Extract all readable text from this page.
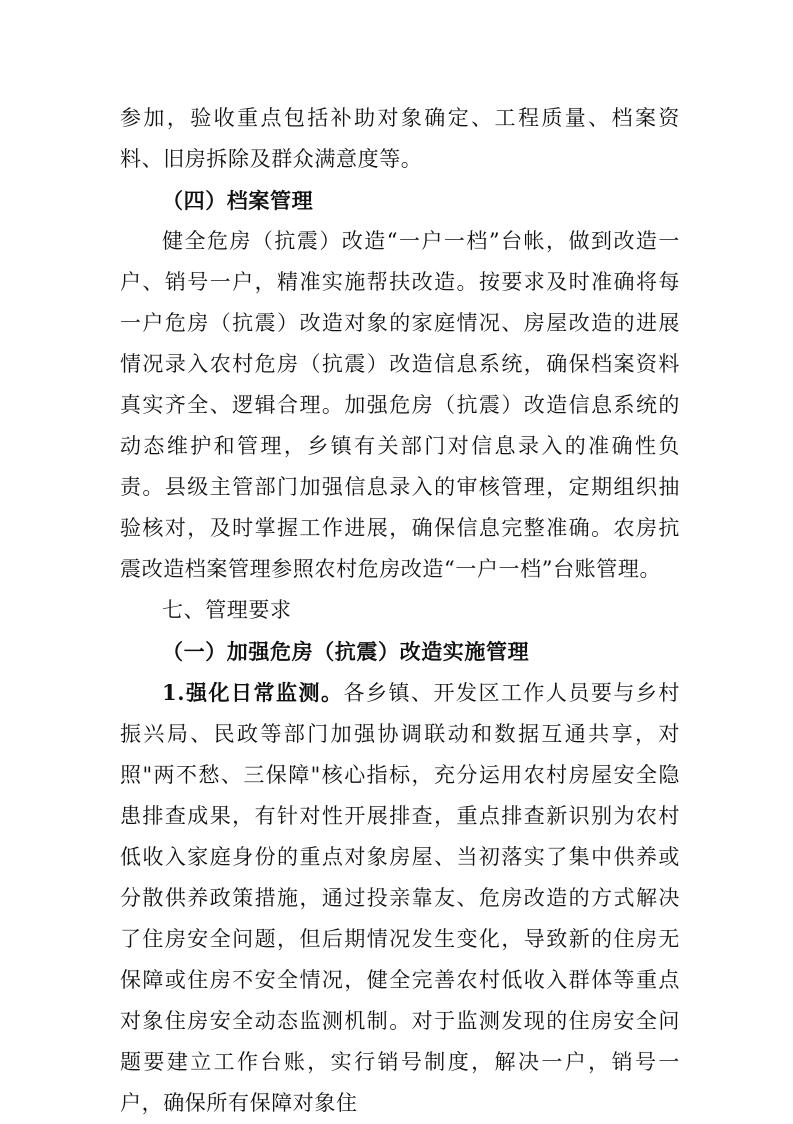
参加，验收重点包括补助对象确定、工程质量、档案资料、旧房拆除及群众满意度等。

（四）档案管理

健全危房（抗震）改造“一户一档”台帐，做到改造一户、销号一户，精准实施帮扶改造。按要求及时准确将每一户危房（抗震）改造对象的家庭情况、房屋改造的进展情况录入农村危房（抗震）改造信息系统，确保档案资料真实齐全、逻辑合理。加强危房（抗震）改造信息系统的动态维护和管理，乡镇有关部门对信息录入的准确性负责。县级主管部门加强信息录入的审核管理，定期组织抽验核对，及时掌握工作进展，确保信息完整准确。农房抗震改造档案管理参照农村危房改造“一户一档”台账管理。

七、管理要求

（一）加强危房（抗震）改造实施管理

1.强化日常监测。各乡镇、开发区工作人员要与乡村振兴局、民政等部门加强协调联动和数据互通共享，对照"两不愁、三保障"核心指标，充分运用农村房屋安全隐患排查成果，有针对性开展排查，重点排查新识别为农村低收入家庭身份的重点对象房屋、当初落实了集中供养或分散供养政策措施，通过投亲靠友、危房改造的方式解决了住房安全问题，但后期情况发生变化，导致新的住房无保障或住房不安全情况，健全完善农村低收入群体等重点对象住房安全动态监测机制。对于监测发现的住房安全问题要建立工作台账，实行销号制度，解决一户，销号一户，确保所有保障对象住
